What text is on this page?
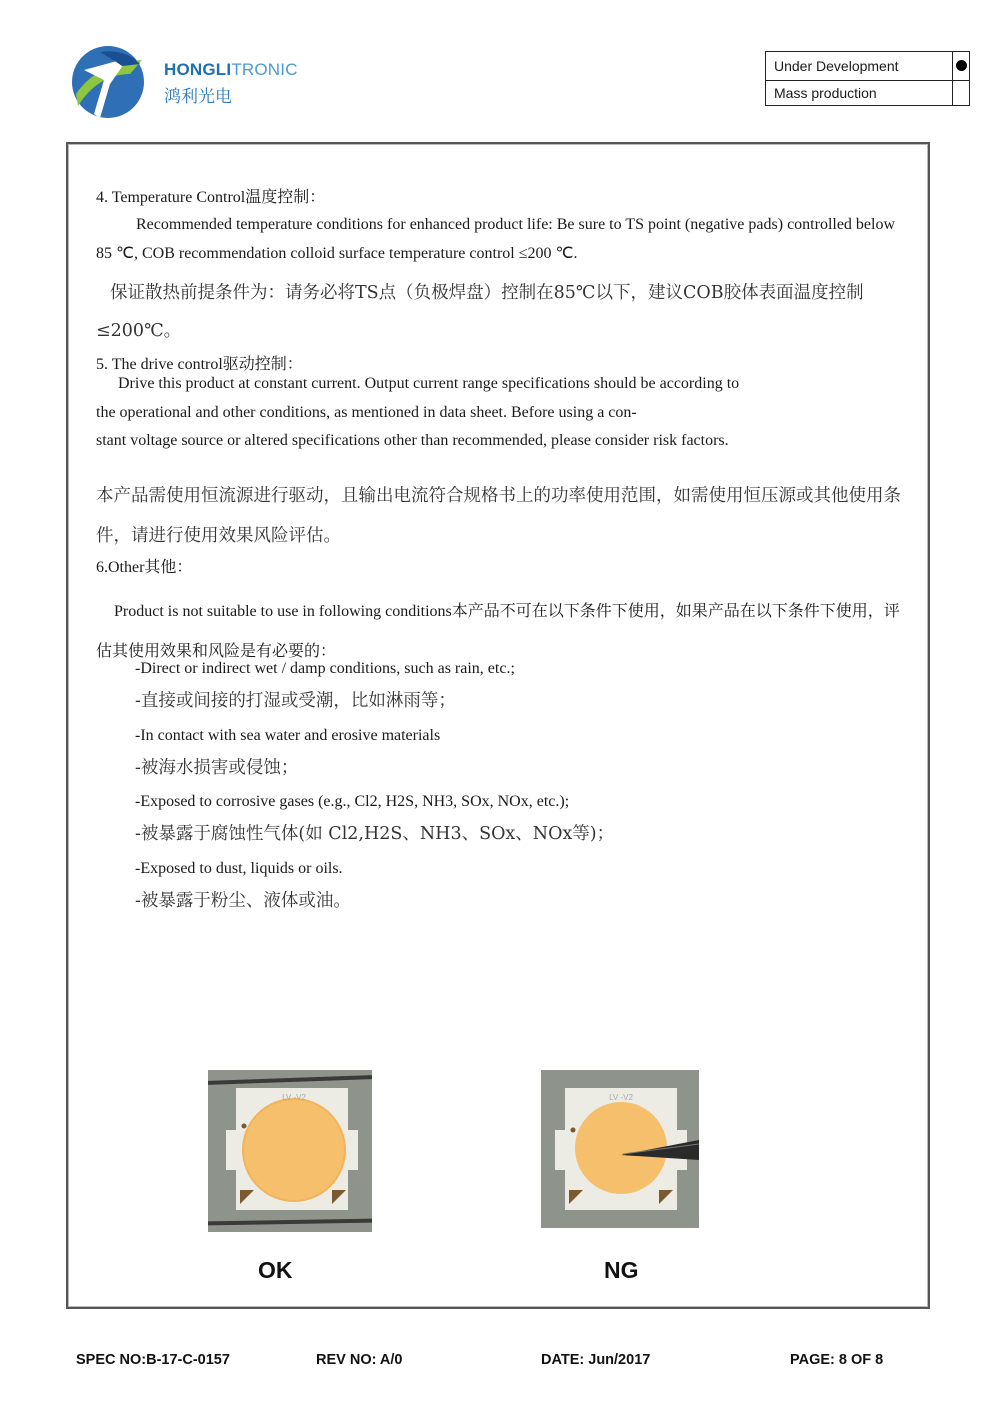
HONGLITRONIC
鸿利光电
Under Development	
Mass production	

4. Temperature Control温度控制：

Recommended temperature conditions for enhanced product life: Be sure to TS point (negative pads) controlled below 85 ℃, COB recommendation colloid surface temperature control ≤200 ℃.

保证散热前提条件为：请务必将TS点（负极焊盘）控制在85℃以下，建议COB胶体表面温度控制≤200℃。

5. The drive control驱动控制：

Drive this product at constant current. Output current range specifications should be according to
the operational and other conditions, as mentioned in data sheet. Before using a con-
stant voltage source or altered specifications other than recommended, please consider risk factors.

本产品需使用恒流源进行驱动，且输出电流符合规格书上的功率使用范围，如需使用恒压源或其他使用条件，请进行使用效果风险评估。

6.Other其他：

Product is not suitable to use in following conditions本产品不可在以下条件下使用，如果产品在以下条件下使用，评估其使用效果和风险是有必要的：

-Direct or indirect wet / damp conditions, such as rain, etc.;
-直接或间接的打湿或受潮，比如淋雨等；
-In contact with sea water and erosive materials
-被海水损害或侵蚀；
-Exposed to corrosive gases (e.g., Cl2, H2S, NH3, SOx, NOx, etc.);
-被暴露于腐蚀性气体(如 Cl2,H2S、NH3、SOx、NOx等)；
-Exposed to dust, liquids or oils.
-被暴露于粉尘、液体或油。
LV -V2	LV -V2
OK	NG
SPEC NO:B-17-C-0157	REV NO: A/0	DATE: Jun/2017	PAGE: 8 OF 8
